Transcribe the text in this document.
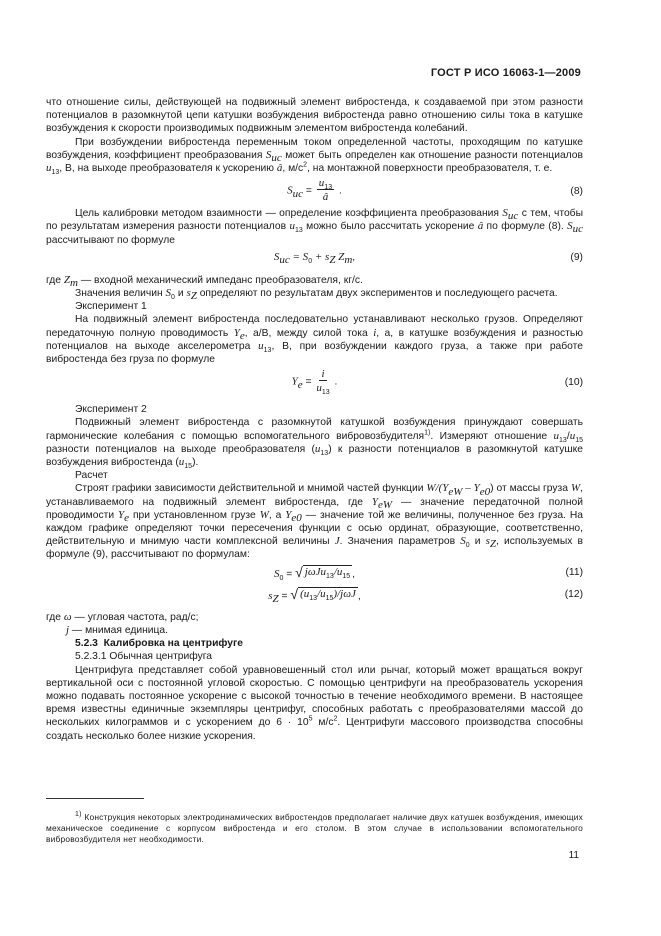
ГОСТ Р ИСО 16063-1—2009

что отношение силы, действующей на подвижный элемент вибростенда, к создаваемой при этом разности потенциалов в разомкнутой цепи катушки возбуждения вибростенда равно отношению силы тока в катушке возбуждения к скорости производимых подвижным элементом вибростенда колебаний.

При возбуждении вибростенда переменным током определенной частоты, проходящим по катушке возбуждения, коэффициент преобразования $S_{uc}$ может быть определен как отношение разности потенциалов $u_{13}$, В, на выходе преобразователя к ускорению â, $м/с^2$, на монтажной поверхности преобразователя, т. е.

$S_{uc} = \frac{u_{13}}{â}$ .	(8)

Цель калибровки методом взаимности — определение коэффициента преобразования $S_{uc}$ с тем, чтобы по результатам измерения разности потенциалов $u_{13}$ можно было рассчитать ускорение â по формуле (8). $S_{uc}$ рассчитывают по формуле

$S_{uc} = S_0 + s_Z$ $Z_m$,	(9)

где $Z_m$ — входной механический импеданс преобразователя, кг/с.

Значения величин $S_0$ и $s_Z$ определяют по результатам двух экспериментов и последующего расчета.

Эксперимент 1

На подвижный элемент вибростенда последовательно устанавливают несколько грузов. Определяют передаточную полную проводимость $Y_e$, а/В, между силой тока i, а, в катушке возбуждения и разностью потенциалов на выходе акселерометра $u_{13}$, В, при возбуждении каждого груза, а также при работе вибростенда без груза по формуле

$Y_e = \frac{i}{u_{13}}$ .	(10)

Эксперимент 2

Подвижный элемент вибростенда с разомкнутой катушкой возбуждения принуждают совершать гармонические колебания с помощью вспомогательного вибровозбудителя$^{1)}$. Измеряют отношение $u_{13}/u_{15}$ разности потенциалов на выходе преобразователя $(u_{13})$ к разности потенциалов в разомкнутой катушке возбуждения вибростенда $(u_{15})$.

Расчет

Строят графики зависимости действительной и мнимой частей функции $W/(Y_{eW} - Y_{e0})$ от массы груза W, устанавливаемого на подвижный элемент вибростенда, где $Y_{eW}$ — значение передаточной полной проводимости $Y_e$ при установленном грузе W, а $Y_{e0}$ — значение той же величины, полученное без груза. На каждом графике определяют точки пересечения функции с осью ординат, образующие, соответственно, действительную и мнимую части комплексной величины J. Значения параметров $S_0$ и $s_Z$, используемых в формуле (9), рассчитывают по формулам:

$S_0$ = √ $j\omega Ju_{13}/u_{15}$ ,	(11)
$s_Z$ = √ $(u_{13}/u_{15})$/jωJ ,	(12)

где ω — угловая частота, рад/с;

j — мнимая единица.

5.2.3 Калибровка на центрифуге

5.2.3.1 Обычная центрифуга

Центрифуга представляет собой уравновешенный стол или рычаг, который может вращаться вокруг вертикальной оси с постоянной угловой скоростью. С помощью центрифуги на преобразователь ускорения можно подавать постоянное ускорение с высокой точностью в течение необходимого времени. В настоящее время известны единичные экземпляры центрифуг, способных работать с преобразователями массой до нескольких килограммов и с ускорением до $6 \cdot 10^5$ $м/с^2$. Центрифуги массового производства способны создать несколько более низкие ускорения.

$^{1)}$ Конструкция некоторых электродинамических вибростендов предполагает наличие двух катушек возбуждения, имеющих механическое соединение с корпусом вибростенда и его столом. В этом случае в использовании вспомогательного вибровозбудителя нет необходимости.

11
